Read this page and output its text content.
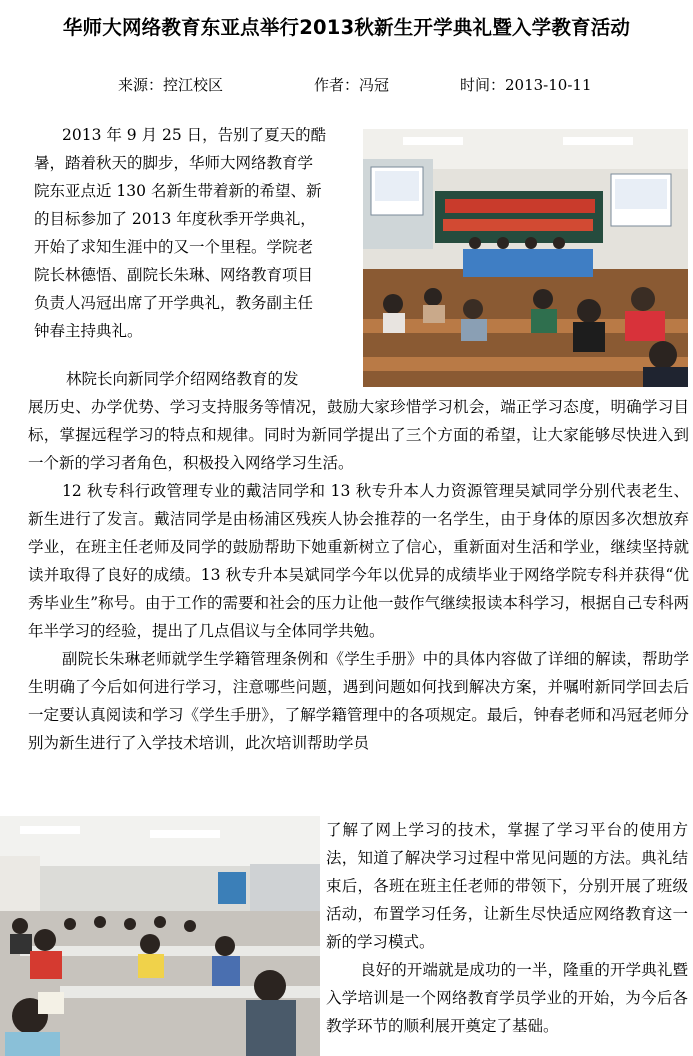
华师大网络教育东亚点举行2013秋新生开学典礼暨入学教育活动
来源：控江校区	作者：冯冠	时间：2013-10-11

2013 年 9 月 25 日，告别了夏天的酷

暑，踏着秋天的脚步，华师大网络教育学

院东亚点近 130 名新生带着新的希望、新

的目标参加了 2013 年度秋季开学典礼，

开始了求知生涯中的又一个里程。学院老

院长林德悟、副院长朱琳、网络教育项目

负责人冯冠出席了开学典礼，教务副主任

钟春主持典礼。

林院长向新同学介绍网络教育的发

展历史、办学优势、学习支持服务等情况，鼓励大家珍惜学习机会，端正学习态度，明确学习目标，掌握远程学习的特点和规律。同时为新同学提出了三个方面的希望，让大家能够尽快进入到一个新的学习者角色，积极投入网络学习生活。

12 秋专科行政管理专业的戴洁同学和 13 秋专升本人力资源管理吴斌同学分别代表老生、新生进行了发言。戴洁同学是由杨浦区残疾人协会推荐的一名学生，由于身体的原因多次想放弃学业，在班主任老师及同学的鼓励帮助下她重新树立了信心，重新面对生活和学业，继续坚持就读并取得了良好的成绩。13 秋专升本吴斌同学今年以优异的成绩毕业于网络学院专科并获得“优秀毕业生”称号。由于工作的需要和社会的压力让他一鼓作气继续报读本科学习，根据自己专科两年半学习的经验，提出了几点倡议与全体同学共勉。

副院长朱琳老师就学生学籍管理条例和《学生手册》中的具体内容做了详细的解读，帮助学生明确了今后如何进行学习，注意哪些问题，遇到问题如何找到解决方案，并嘱咐新同学回去后一定要认真阅读和学习《学生手册》，了解学籍管理中的各项规定。最后，钟春老师和冯冠老师分别为新生进行了入学技术培训，此次培训帮助学员

了解了网上学习的技术，掌握了学习平台的使用方法，知道了解决学习过程中常见问题的方法。典礼结束后，各班在班主任老师的带领下，分别开展了班级活动，布置学习任务，让新生尽快适应网络教育这一新的学习模式。

良好的开端就是成功的一半，隆重的开学典礼暨入学培训是一个网络教育学员学业的开始，为今后各教学环节的顺利展开奠定了基础。
